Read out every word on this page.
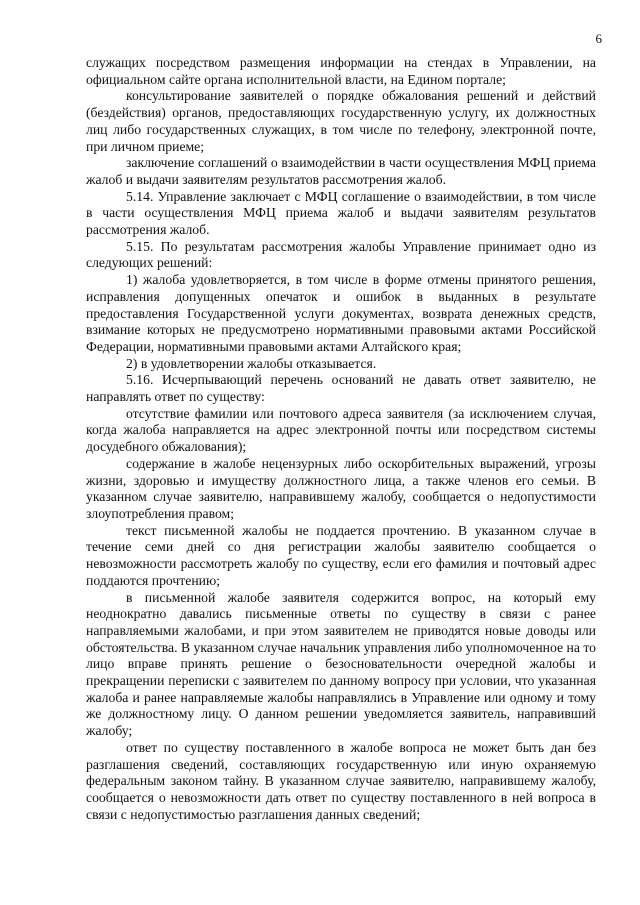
6

служащих посредством размещения информации на стендах в Управлении, на официальном сайте органа исполнительной власти, на Едином портале;

консультирование заявителей о порядке обжалования решений и действий (бездействия) органов, предоставляющих государственную услугу, их должностных лиц либо государственных служащих, в том числе по телефону, электронной почте, при личном приеме;

заключение соглашений о взаимодействии в части осуществления МФЦ приема жалоб и выдачи заявителям результатов рассмотрения жалоб.

5.14. Управление заключает с МФЦ соглашение о взаимодействии, в том числе в части осуществления МФЦ приема жалоб и выдачи заявителям результатов рассмотрения жалоб.

5.15. По результатам рассмотрения жалобы Управление принимает одно из следующих решений:

1) жалоба удовлетворяется, в том числе в форме отмены принятого решения, исправления допущенных опечаток и ошибок в выданных в результате предоставления Государственной услуги документах, возврата денежных средств, взимание которых не предусмотрено нормативными правовыми актами Российской Федерации, нормативными правовыми актами Алтайского края;

2) в удовлетворении жалобы отказывается.

5.16. Исчерпывающий перечень оснований не давать ответ заявителю, не направлять ответ по существу:

отсутствие фамилии или почтового адреса заявителя (за исключением случая, когда жалоба направляется на адрес электронной почты или посредством системы досудебного обжалования);

содержание в жалобе нецензурных либо оскорбительных выражений, угрозы жизни, здоровью и имуществу должностного лица, а также членов его семьи. В указанном случае заявителю, направившему жалобу, сообщается о недопустимости злоупотребления правом;

текст письменной жалобы не поддается прочтению. В указанном случае в течение семи дней со дня регистрации жалобы заявителю сообщается о невозможности рассмотреть жалобу по существу, если его фамилия и почтовый адрес поддаются прочтению;

в письменной жалобе заявителя содержится вопрос, на который ему неоднократно давались письменные ответы по существу в связи с ранее направляемыми жалобами, и при этом заявителем не приводятся новые доводы или обстоятельства. В указанном случае начальник управления либо уполномоченное на то лицо вправе принять решение о безосновательности очередной жалобы и прекращении переписки с заявителем по данному вопросу при условии, что указанная жалоба и ранее направляемые жалобы направлялись в Управление или одному и тому же должностному лицу. О данном решении уведомляется заявитель, направивший жалобу;

ответ по существу поставленного в жалобе вопроса не может быть дан без разглашения сведений, составляющих государственную или иную охраняемую федеральным законом тайну. В указанном случае заявителю, направившему жалобу, сообщается о невозможности дать ответ по существу поставленного в ней вопроса в связи с недопустимостью разглашения данных сведений;
